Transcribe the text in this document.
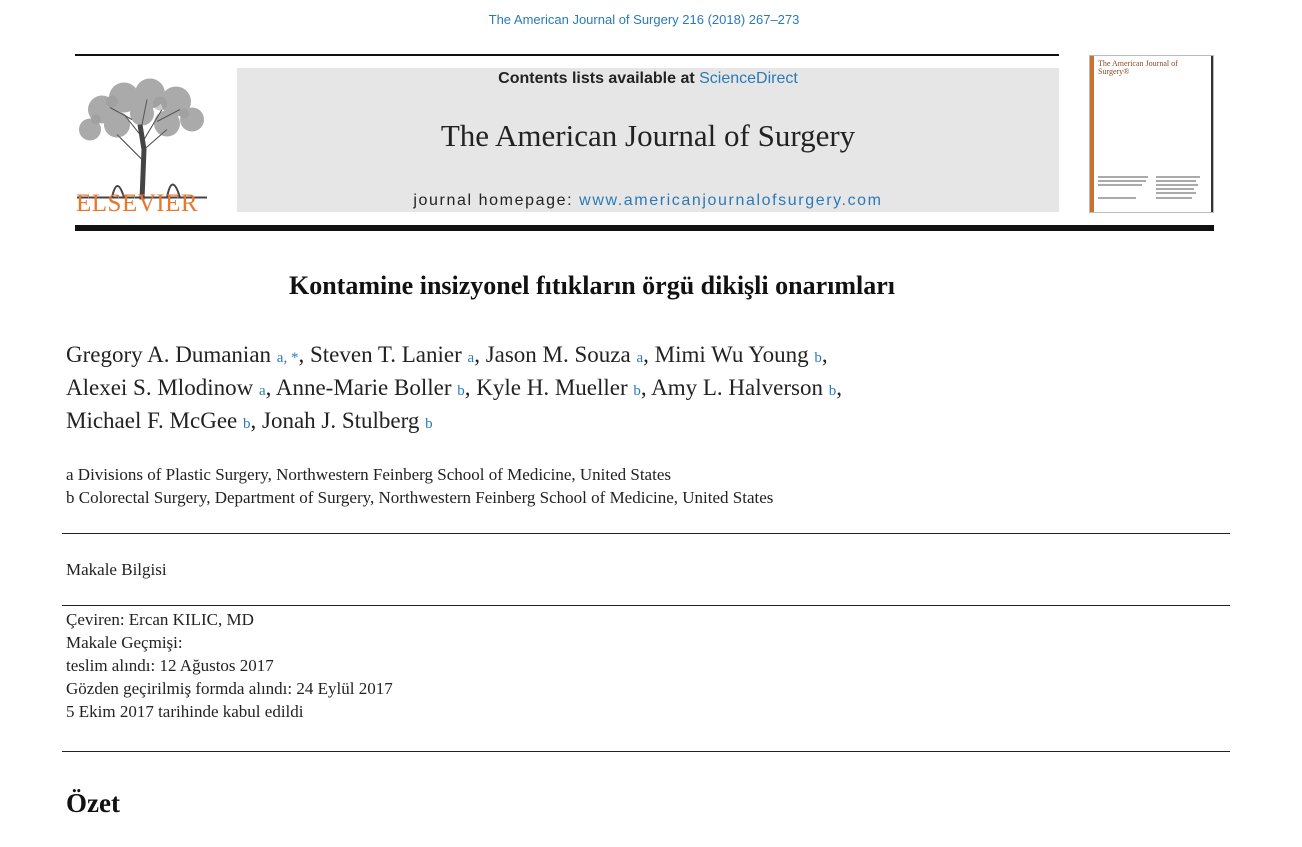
The American Journal of Surgery 216 (2018) 267–273
ELSEVIER
Contents lists available at ScienceDirect
The American Journal of Surgery
journal homepage: www.americanjournalofsurgery.com
The American Journal of Surgery®
Kontamine insizyonel fıtıkların örgü dikişli onarımları
Gregory A. Dumanian a, *, Steven T. Lanier a, Jason M. Souza a, Mimi Wu Young b,
Alexei S. Mlodinow a, Anne-Marie Boller b, Kyle H. Mueller b, Amy L. Halverson b,
Michael F. McGee b, Jonah J. Stulberg b
a Divisions of Plastic Surgery, Northwestern Feinberg School of Medicine, United States
b Colorectal Surgery, Department of Surgery, Northwestern Feinberg School of Medicine, United States
Makale Bilgisi
Çeviren: Ercan KILIC, MD
Makale Geçmişi:
teslim alındı: 12 Ağustos 2017
Gözden geçirilmiş formda alındı: 24 Eylül 2017
5 Ekim 2017 tarihinde kabul edildi
Özet
